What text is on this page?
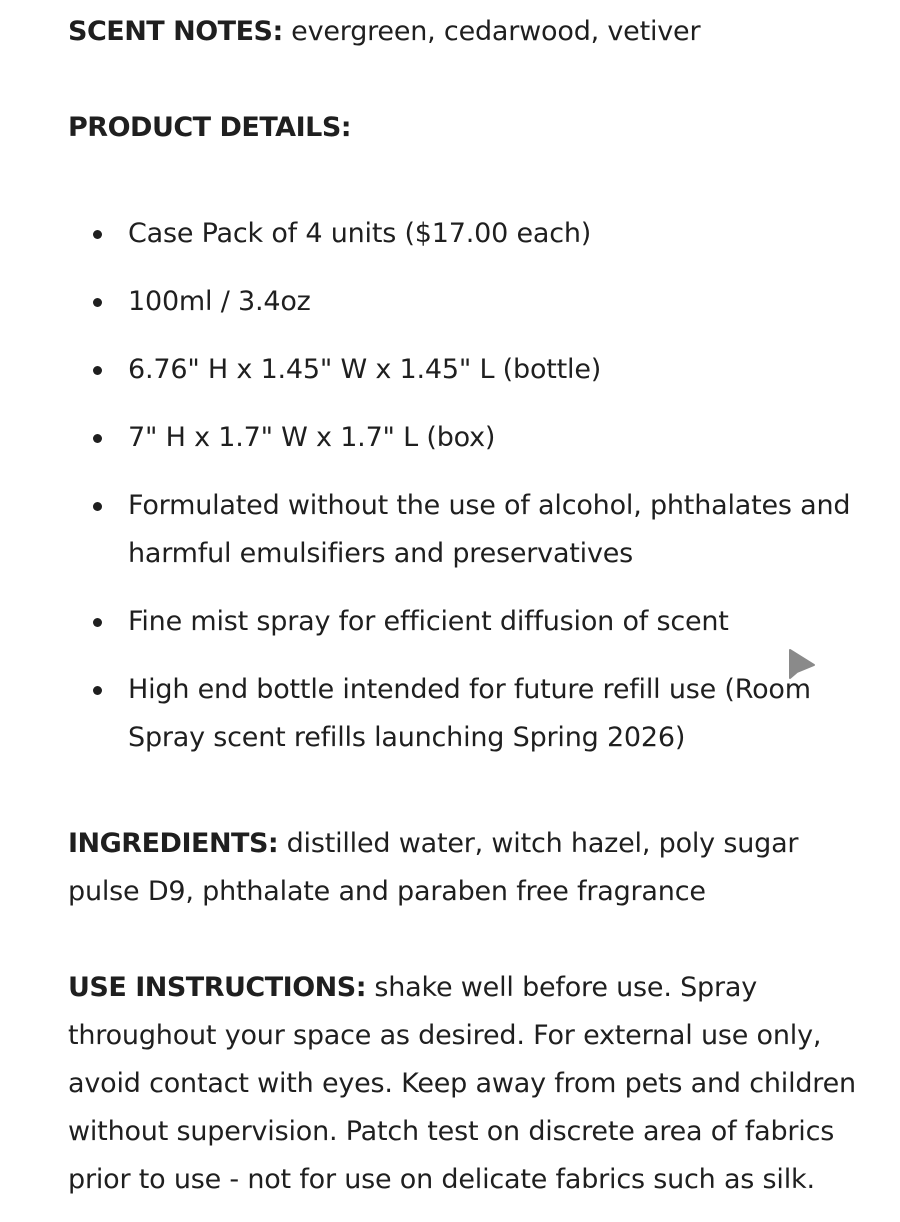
SCENT NOTES: evergreen, cedarwood, vetiver

PRODUCT DETAILS:

Case Pack of 4 units ($17.00 each)
100ml / 3.4oz
6.76" H x 1.45" W x 1.45" L (bottle)
7" H x 1.7" W x 1.7" L (box)
Formulated without the use of alcohol, phthalates and harmful emulsifiers and preservatives
Fine mist spray for efficient diffusion of scent
High end bottle intended for future refill use (Room Spray scent refills launching Spring 2026)

INGREDIENTS: distilled water, witch hazel, poly sugar pulse D9, phthalate and paraben free fragrance

USE INSTRUCTIONS: shake well before use. Spray throughout your space as desired. For external use only, avoid contact with eyes. Keep away from pets and children without supervision. Patch test on discrete area of fabrics prior to use - not for use on delicate fabrics such as silk.
